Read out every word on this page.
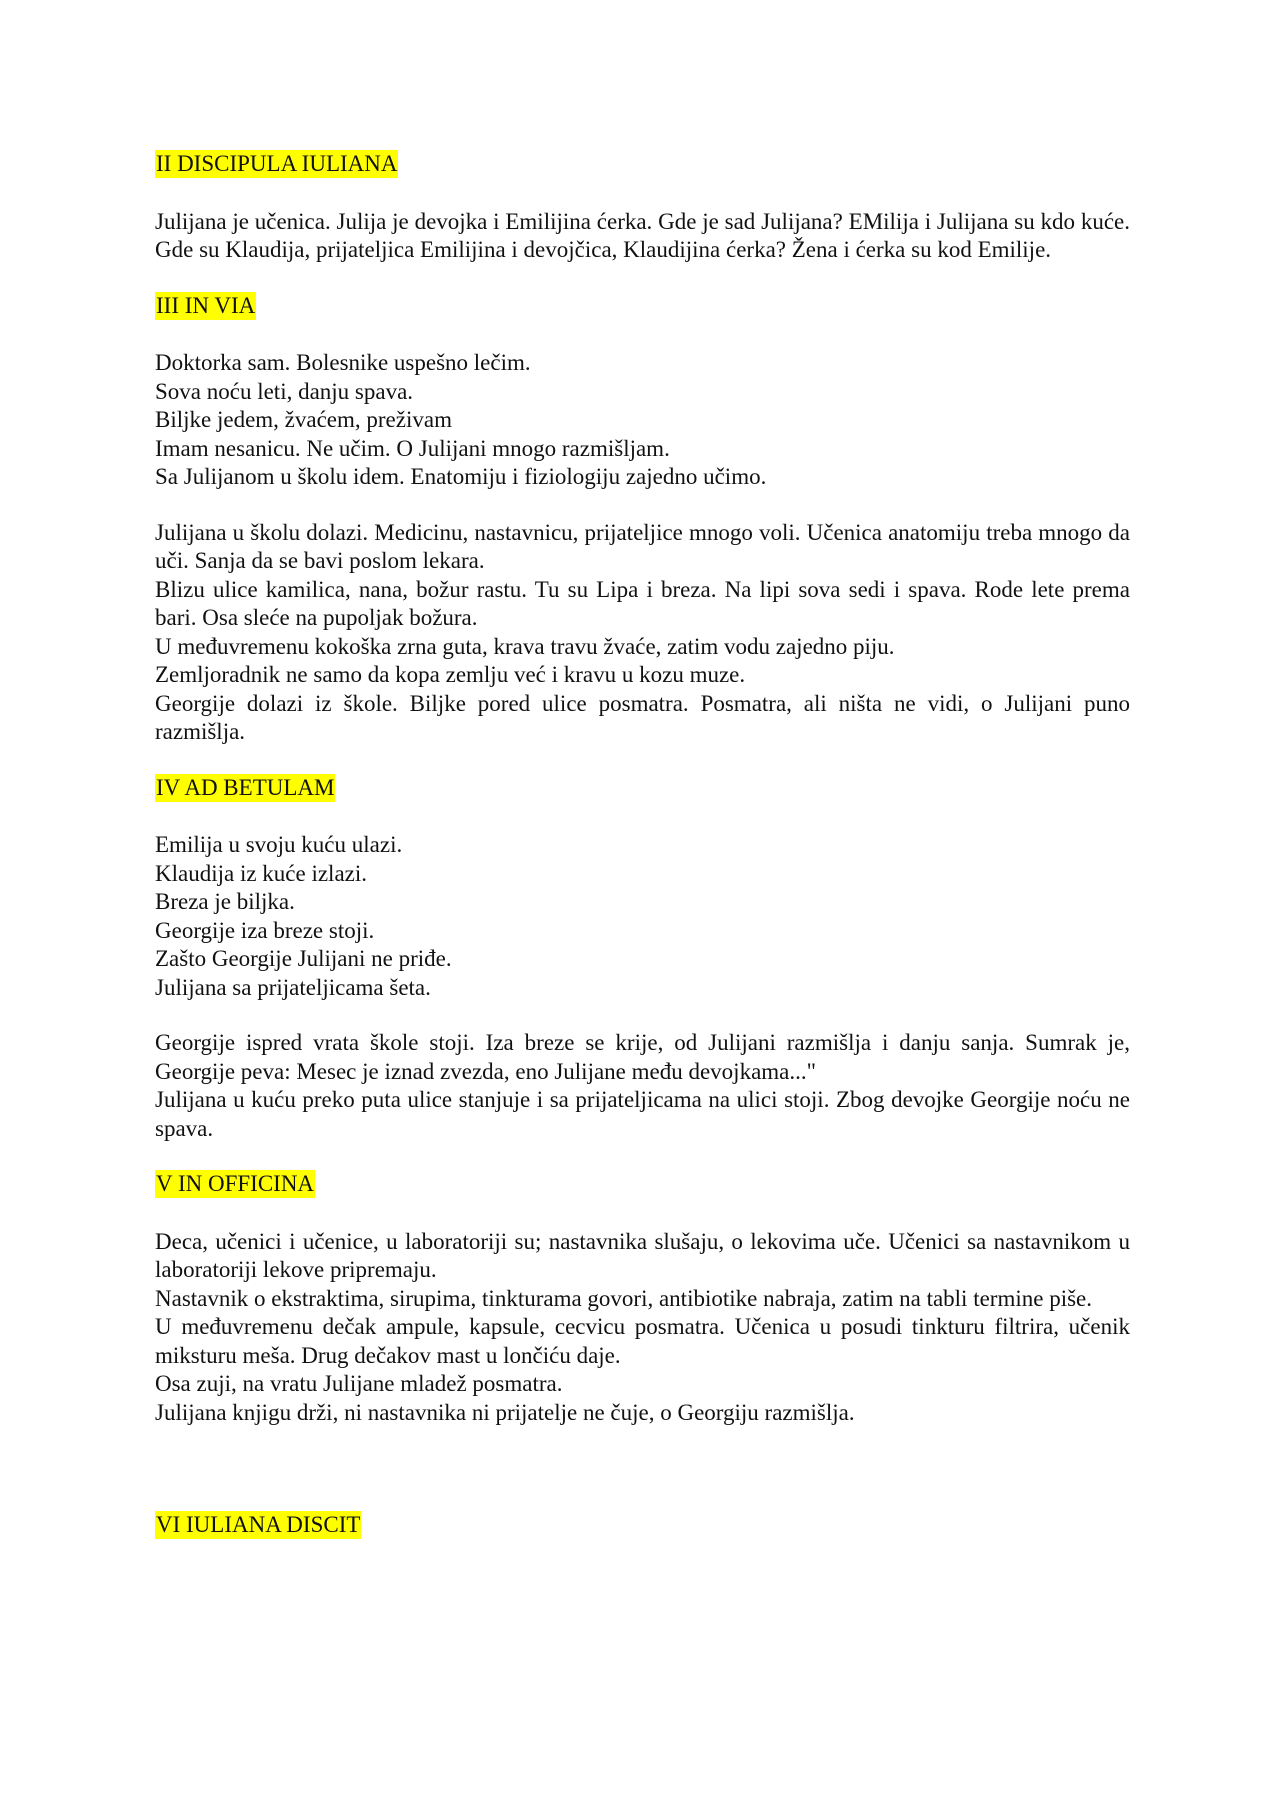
II DISCIPULA IULIANA

Julijana je učenica. Julija je devojka i Emilijina ćerka. Gde je sad Julijana? EMilija i Julijana su kdo kuće. Gde su Klaudija, prijateljica Emilijina i devojčica, Klaudijina ćerka? Žena i ćerka su kod Emilije.

III IN VIA
Doktorka sam. Bolesnike uspešno lečim.
Sova noću leti, danju spava.
Biljke jedem, žvaćem, preživam
Imam nesanicu. Ne učim. O Julijani mnogo razmišljam.
Sa Julijanom u školu idem. Enatomiju i fiziologiju zajedno učimo.

Julijana u školu dolazi. Medicinu, nastavnicu, prijateljice mnogo voli. Učenica anatomiju treba mnogo da uči. Sanja da se bavi poslom lekara.

Blizu ulice kamilica, nana, božur rastu. Tu su Lipa i breza. Na lipi sova sedi i spava. Rode lete prema bari. Osa sleće na pupoljak božura.

U međuvremenu kokoška zrna guta, krava travu žvaće, zatim vodu zajedno piju.

Zemljoradnik ne samo da kopa zemlju već i kravu u kozu muze.

Georgije dolazi iz škole. Biljke pored ulice posmatra. Posmatra, ali ništa ne vidi, o Julijani puno razmišlja.

IV AD BETULAM
Emilija u svoju kuću ulazi.
Klaudija iz kuće izlazi.
Breza je biljka.
Georgije iza breze stoji.
Zašto Georgije Julijani ne priđe.
Julijana sa prijateljicama šeta.

Georgije ispred vrata škole stoji. Iza breze se krije, od Julijani razmišlja i danju sanja. Sumrak je, Georgije peva: Mesec je iznad zvezda, eno Julijane među devojkama..."

Julijana u kuću preko puta ulice stanjuje i sa prijateljicama na ulici stoji. Zbog devojke Georgije noću ne spava.

V IN OFFICINA

Deca, učenici i učenice, u laboratoriji su; nastavnika slušaju, o lekovima uče. Učenici sa nastavnikom u laboratoriji lekove pripremaju.

Nastavnik o ekstraktima, sirupima, tinkturama govori, antibiotike nabraja, zatim na tabli termine piše.

U međuvremenu dečak ampule, kapsule, cecvicu posmatra. Učenica u posudi tinkturu filtrira, učenik miksturu meša. Drug dečakov mast u lončiću daje.

Osa zuji, na vratu Julijane mladež posmatra.

Julijana knjigu drži, ni nastavnika ni prijatelje ne čuje, o Georgiju razmišlja.

VI IULIANA DISCIT
